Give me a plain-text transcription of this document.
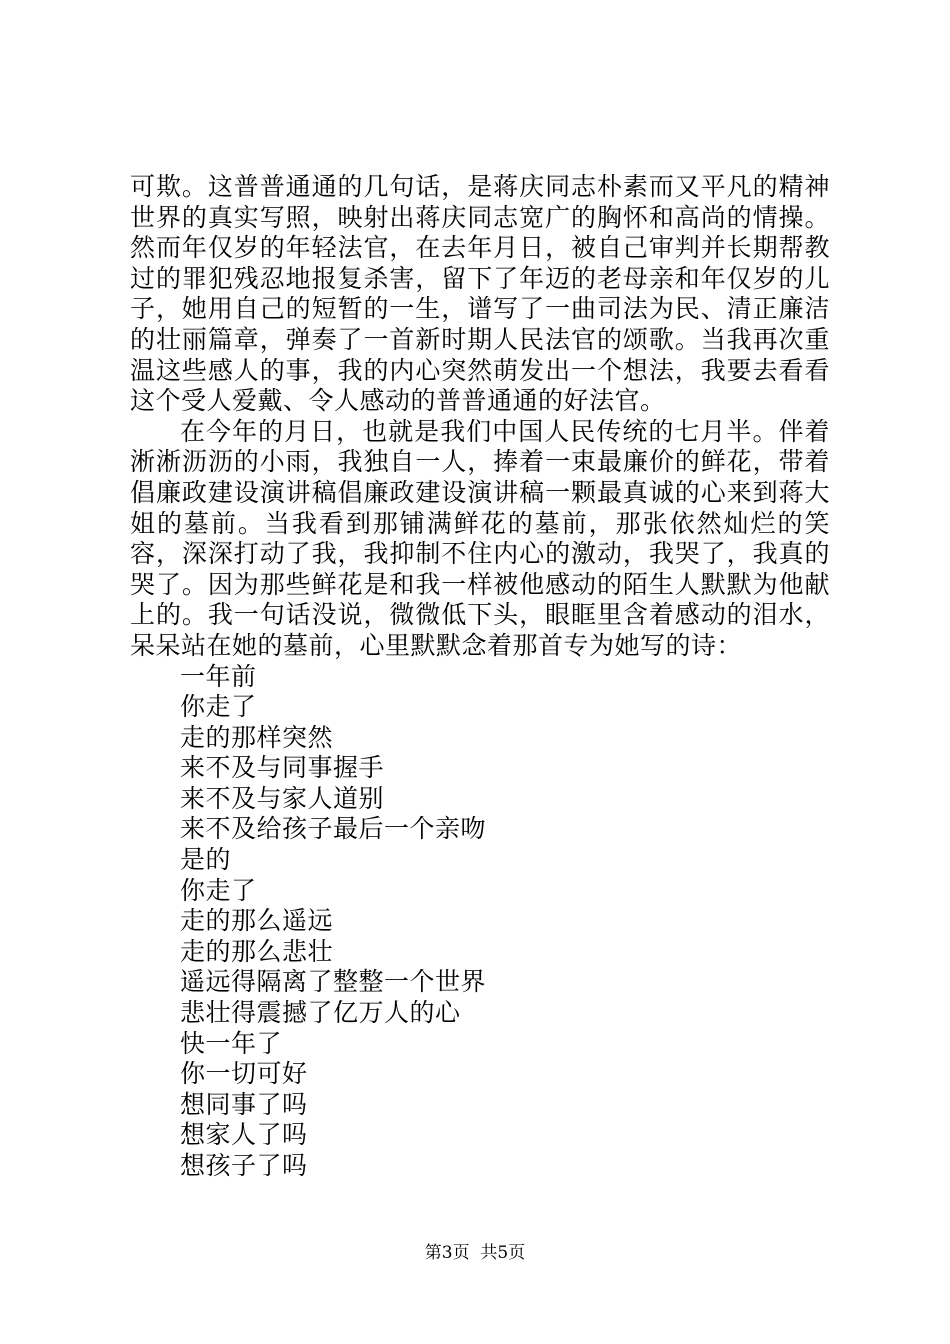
可欺。这普普通通的几句话，是蒋庆同志朴素而又平凡的精神世界的真实写照，映射出蒋庆同志宽广的胸怀和高尚的情操。然而年仅岁的年轻法官，在去年月日，被自己审判并长期帮教过的罪犯残忍地报复杀害，留下了年迈的老母亲和年仅岁的儿子，她用自己的短暂的一生，谱写了一曲司法为民、清正廉洁的壮丽篇章，弹奏了一首新时期人民法官的颂歌。当我再次重温这些感人的事，我的内心突然萌发出一个想法，我要去看看这个受人爱戴、令人感动的普普通通的好法官。

在今年的月日，也就是我们中国人民传统的七月半。伴着淅淅沥沥的小雨，我独自一人，捧着一束最廉价的鲜花，带着倡廉政建设演讲稿倡廉政建设演讲稿一颗最真诚的心来到蒋大姐的墓前。当我看到那铺满鲜花的墓前，那张依然灿烂的笑容，深深打动了我，我抑制不住内心的激动，我哭了，我真的哭了。因为那些鲜花是和我一样被他感动的陌生人默默为他献上的。我一句话没说，微微低下头，眼眶里含着感动的泪水，呆呆站在她的墓前，心里默默念着那首专为她写的诗：

一年前
你走了
走的那样突然
来不及与同事握手
来不及与家人道别
来不及给孩子最后一个亲吻
是的
你走了
走的那么遥远
走的那么悲壮
遥远得隔离了整整一个世界
悲壮得震撼了亿万人的心
快一年了
你一切可好
想同事了吗
想家人了吗
想孩子了吗
第3页  共5页
